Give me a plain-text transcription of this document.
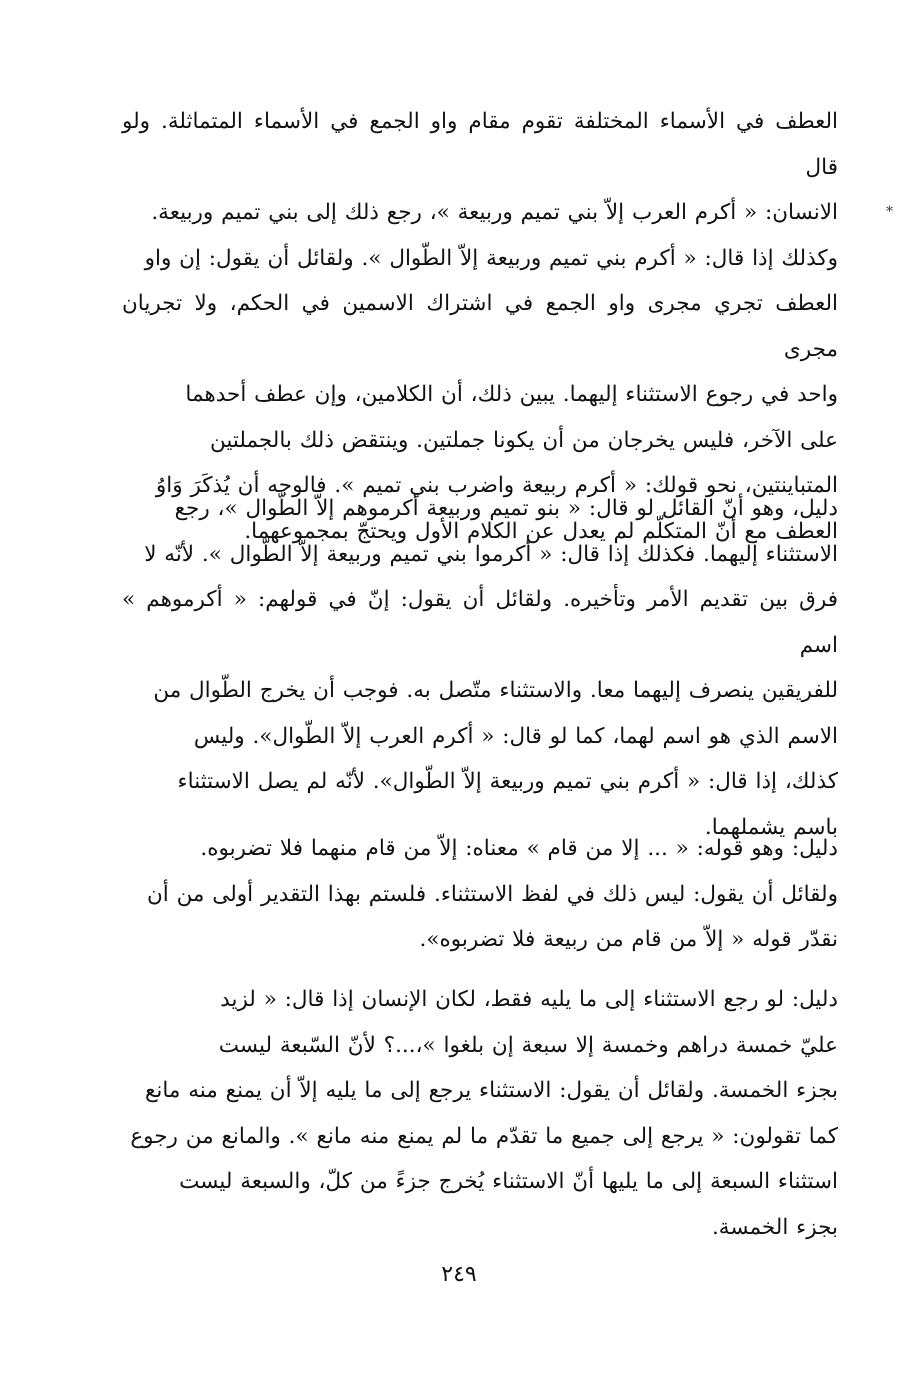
*

العطف في الأسماء المختلفة تقوم مقام واو الجمع في الأسماء المتماثلة. ولو قال
الانسان: « أكرم العرب إلاّ بني تميم وربيعة »، رجع ذلك إلى بني تميم وربيعة.
وكذلك إذا قال: « أكرم بني تميم وربيعة إلاّ الطّوال ». ولقائل أن يقول: إن واو
العطف تجري مجرى واو الجمع في اشتراك الاسمين في الحكم، ولا تجريان مجرى
واحد في رجوع الاستثناء إليهما. يبين ذلك، أن الكلامين، وإن عطف أحدهما
على الآخر، فليس يخرجان من أن يكونا جملتين. وينتقض ذلك بالجملتين
المتباينتين، نحو قولك: « أكرم ربيعة واضرب بني تميم ». فالوجه أن يُذكَرَ وَاوُ
العطف مع أنّ المتكلّم لم يعدل عن الكلام الأول ويحتجّ بمجموعهما.

دليل، وهو أنّ القائل لو قال: « بنو تميم وربيعة أكرموهم إلاّ الطّوال »، رجع
الاستثناء إليهما. فكذلك إذا قال: « أكرموا بني تميم وربيعة إلاّ الطّوال ». لأنّه لا
فرق بين تقديم الأمر وتأخيره. ولقائل أن يقول: إنّ في قولهم: « أكرموهم » اسم
للفريقين ينصرف إليهما معا. والاستثناء متّصل به. فوجب أن يخرج الطّوال من
الاسم الذي هو اسم لهما، كما لو قال: « أكرم العرب إلاّ الطّوال». وليس
كذلك، إذا قال: « أكرم بني تميم وربيعة إلاّ الطّوال». لأنّه لم يصل الاستثناء
باسم يشملهما.

دليل: وهو قوله: « ... إلا من قام » معناه: إلاّ من قام منهما فلا تضربوه.
ولقائل أن يقول: ليس ذلك في لفظ الاستثناء. فلستم بهذا التقدير أولى من أن
نقدّر قوله « إلاّ من قام من ربيعة فلا تضربوه».

دليل: لو رجع الاستثناء إلى ما يليه فقط، لكان الإنسان إذا قال: « لزيد
عليّ خمسة دراهم وخمسة إلا سبعة إن بلغوا »،...؟ لأنّ السّبعة ليست
بجزء الخمسة. ولقائل أن يقول: الاستثناء يرجع إلى ما يليه إلاّ أن يمنع منه مانع
كما تقولون: « يرجع إلى جميع ما تقدّم ما لم يمنع منه مانع ». والمانع من رجوع
استثناء السبعة إلى ما يليها أنّ الاستثناء يُخرج جزءً من كلّ، والسبعة ليست
بجزء الخمسة.

٢٤٩
